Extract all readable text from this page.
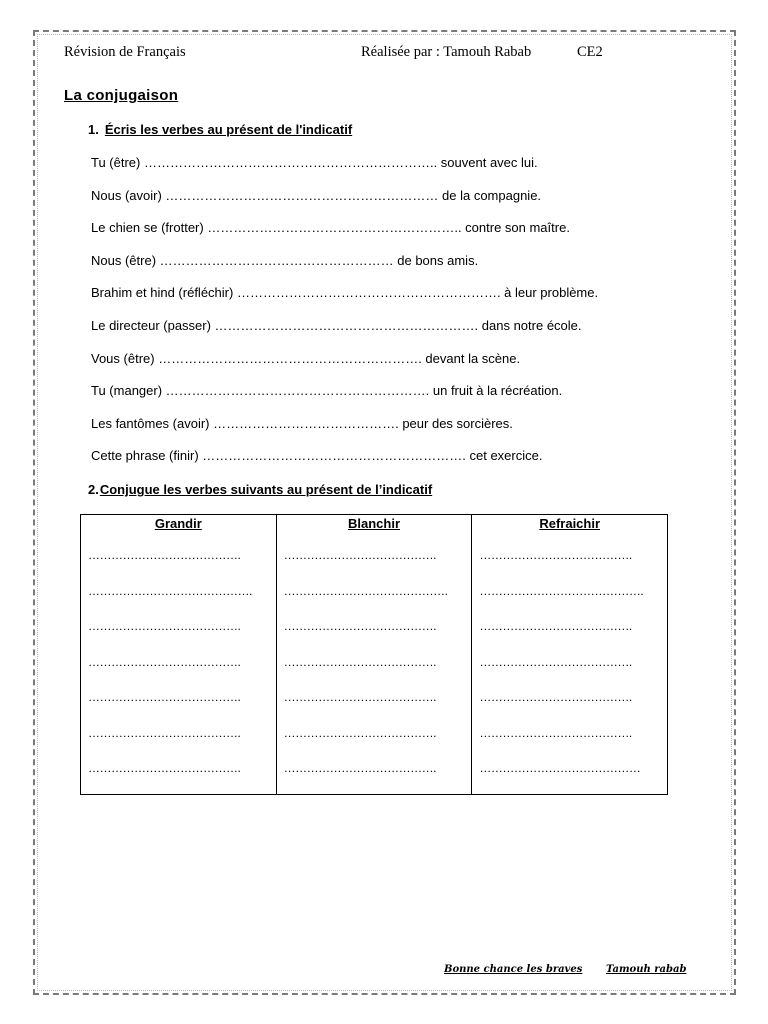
Révision de Français	Réalisée par : Tamouh Rabab	CE2
La conjugaison
1. Écris les verbes au présent de l'indicatif
Tu (être) ………………………………………………………….. souvent avec lui.
Nous (avoir) ……………………………………………………… de la compagnie.
Le chien se (frotter) ………………………………………………….. contre son maître.
Nous (être) ……………………………………………… de bons amis.
Brahim et hind (réfléchir) ……………………………………………………. à leur problème.
Le directeur (passer) ……………………………………………………. dans notre école.
Vous (être) ……………………………………………………. devant la scène.
Tu (manger) ……………………………………………………. un fruit à la récréation.
Les fantômes (avoir) ……………………………………. peur des sorcières.
Cette phrase (finir) ……………………………………………………. cet exercice.
2.Conjugue les verbes suivants au présent de l’indicatif
Grandir
………………………………….
…………………………………….
………………………………….
………………………………….
………………………………….
………………………………….
………………………………….
Blanchir
………………………………….
…………………………………….
………………………………….
………………………………….
………………………………….
………………………………….
………………………………….
Refraichir
………………………………….
…………………………………….
………………………………….
………………………………….
………………………………….
………………………………….
……………………………………
Bonne chance les braves Tamouh rabab
